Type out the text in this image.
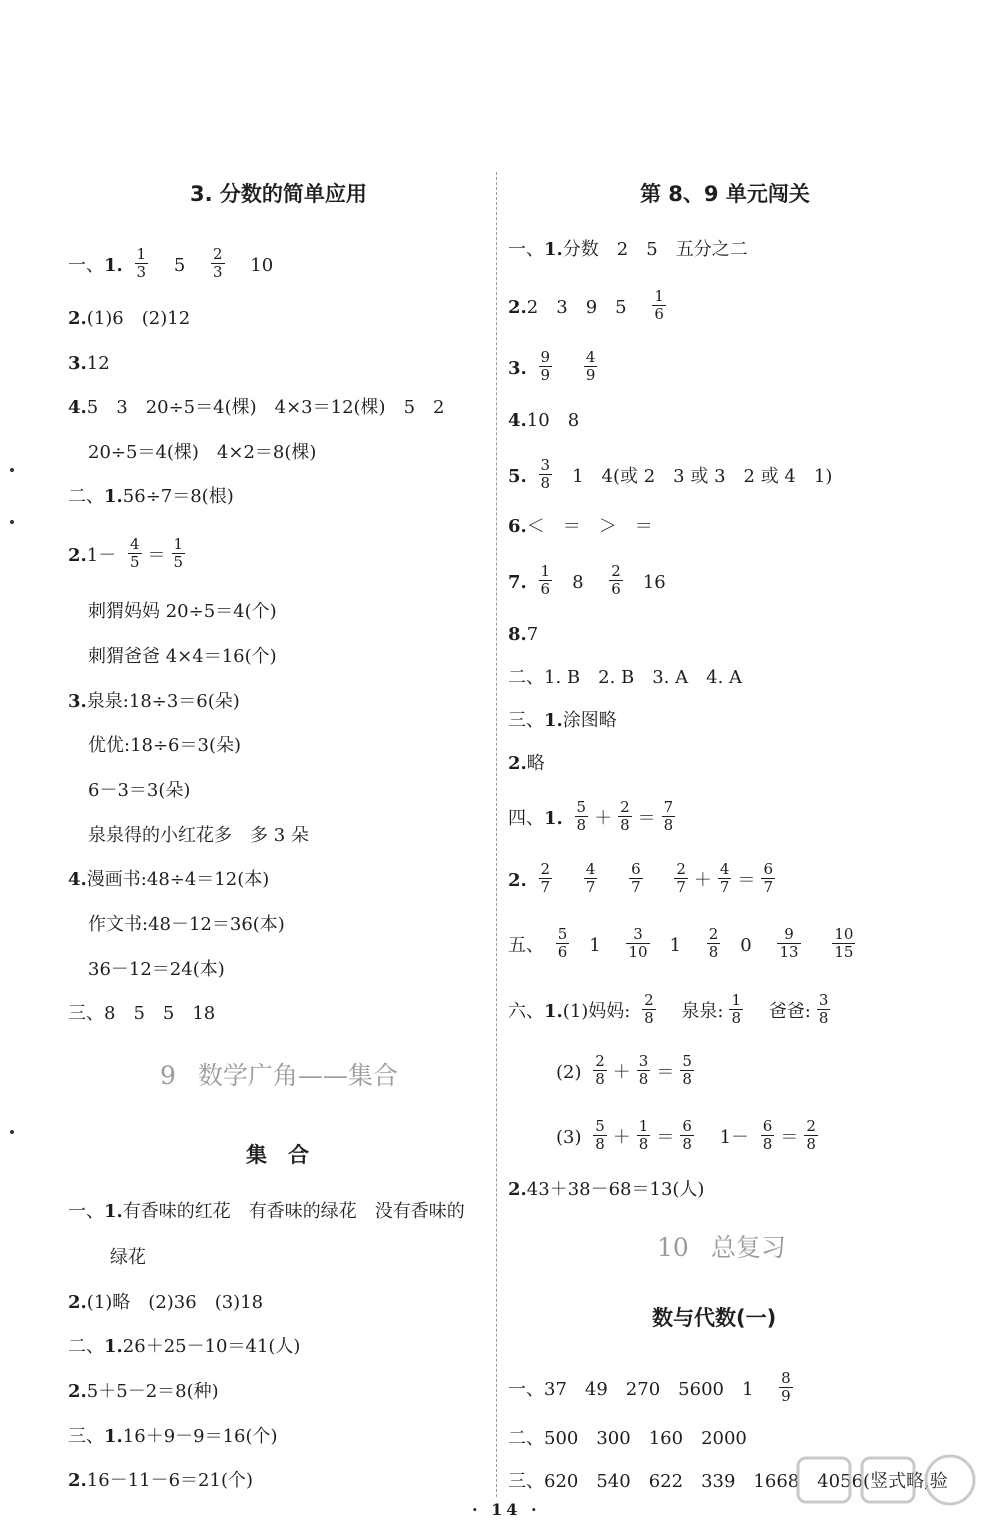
3. 分数的简单应用
一、1. $\frac{1}{3} 5 \frac{2}{3} 10$
2.(1)6　(2)12
3.12
4.5　3　20÷5＝4(棵)　4×3＝12(棵)　5　2
20÷5＝4(棵)　4×2＝8(棵)
二、1.56÷7＝8(根)
$2.1- \frac{4}{5} = \frac{1}{5}$
刺猬妈妈 20÷5＝4(个)
刺猬爸爸 4×4＝16(个)
3.泉泉:18÷3＝6(朵)
优优:18÷6＝3(朵)
6－3＝3(朵)
泉泉得的小红花多　多 3 朵
4.漫画书:48÷4＝12(本)
作文书:48－12＝36(本)
36－12＝24(本)
三、8　5　5　18
9 数学广角——集合
集　合
一、1.有香味的红花　有香味的绿花　没有香味的
绿花
2.(1)略　(2)36　(3)18
二、1.26＋25－10＝41(人)
2.5＋5－2＝8(种)
三、1.16＋9－9＝16(个)
2.16－11－6＝21(个)
第 8、9 单元闯关
一、1.分数　2　5　五分之二
2.2　3　9　$5 \frac{1}{6}$
3. $\frac{9}{9}$
$\frac{4}{9}$
4.10　8
5. $\frac{3}{8} 1$　4(或 2　3 或 3　2 或 4　1)
6.＜　＝　＞　＝
7. $\frac{1}{6} 8 \frac{2}{6} 16$
8.7
二、1. B　2. B　3. A　4. A
三、1.涂图略
2.略
四、1. $\frac{5}{8} + \frac{2}{8} = \frac{7}{8}$
2. $\frac{2}{7}$
$\frac{4}{7}$
$\frac{6}{7}$
$\frac{2}{7} + \frac{4}{7} = \frac{6}{7}$
五、 $\frac{5}{6} 1 \frac{3}{10} 1 \frac{2}{8} 0 \frac{9}{13}$
$\frac{10}{15}$
六、1.(1)妈妈: $\frac{2}{8}$ 泉泉: $\frac{1}{8}$ 爸爸: $\frac{3}{8}$
$(2) \frac{2}{8} + \frac{3}{8} = \frac{5}{8}$
$(3) \frac{5}{8} + \frac{1}{8} = \frac{6}{8} 1- \frac{6}{8} = \frac{2}{8}$
2.43＋38－68＝13(人)
10 总复习
数与代数(一)
一、37　49　270　5600　$1 \frac{8}{9}$
二、500　300　160　2000
三、620　540　622　339　1668　4056(竖式略,验
· 14 ·
